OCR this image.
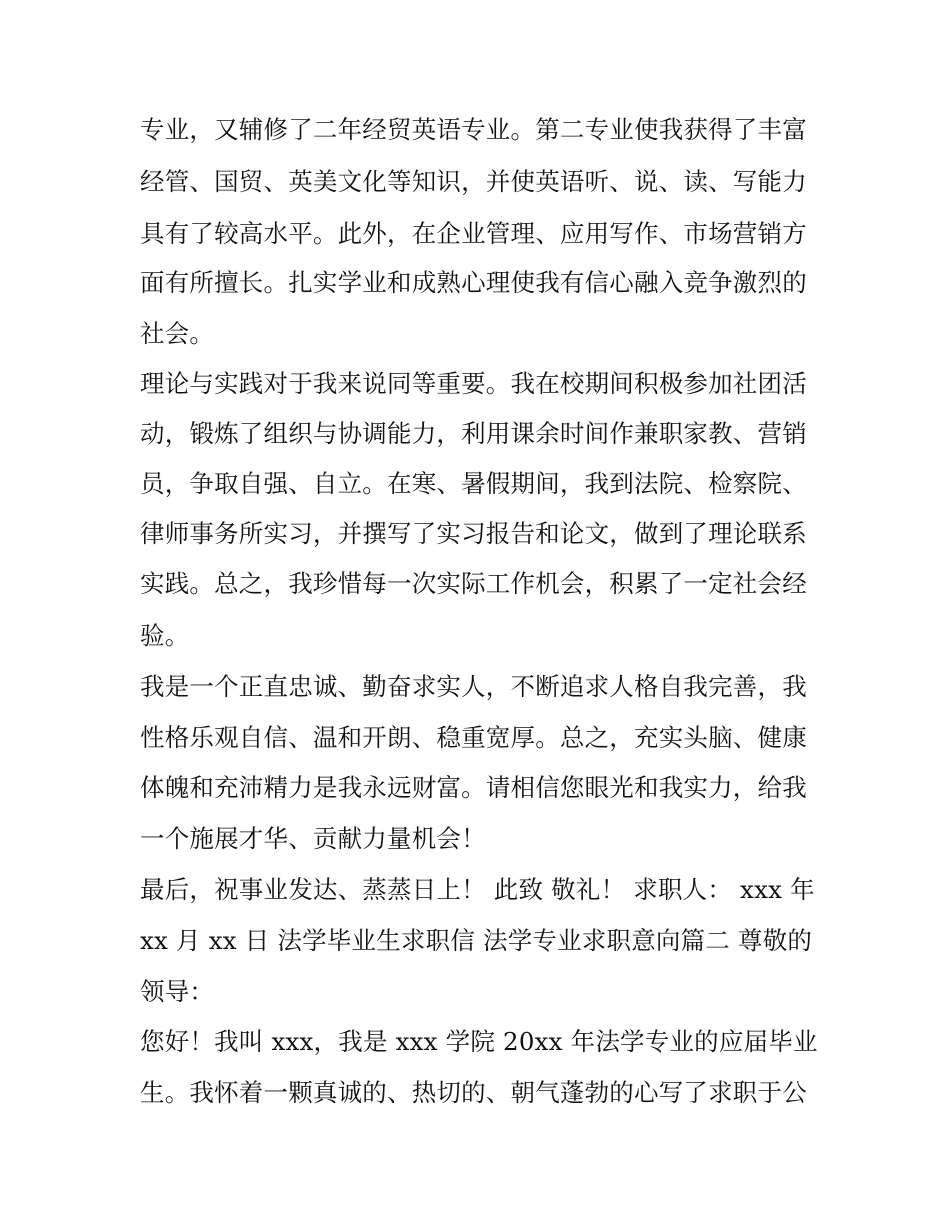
专业，又辅修了二年经贸英语专业。第二专业使我获得了丰富
经管、国贸、英美文化等知识，并使英语听、说、读、写能力
具有了较高水平。此外，在企业管理、应用写作、市场营销方
面有所擅长。扎实学业和成熟心理使我有信心融入竞争激烈的
社会。
理论与实践对于我来说同等重要。我在校期间积极参加社团活
动，锻炼了组织与协调能力，利用课余时间作兼职家教、营销
员，争取自强、自立。在寒、暑假期间，我到法院、检察院、
律师事务所实习，并撰写了实习报告和论文，做到了理论联系
实践。总之，我珍惜每一次实际工作机会，积累了一定社会经
验。
我是一个正直忠诚、勤奋求实人，不断追求人格自我完善，我
性格乐观自信、温和开朗、稳重宽厚。总之，充实头脑、健康
体魄和充沛精力是我永远财富。请相信您眼光和我实力，给我
一个施展才华、贡献力量机会！
最后，祝事业发达、蒸蒸日上！ 此致 敬礼！ 求职人： xxx 年
xx 月 xx 日 法学毕业生求职信 法学专业求职意向篇二 尊敬的
领导：
您好！我叫 xxx，我是 xxx 学院 20xx 年法学专业的应届毕业
生。我怀着一颗真诚的、热切的、朝气蓬勃的心写了求职于公
